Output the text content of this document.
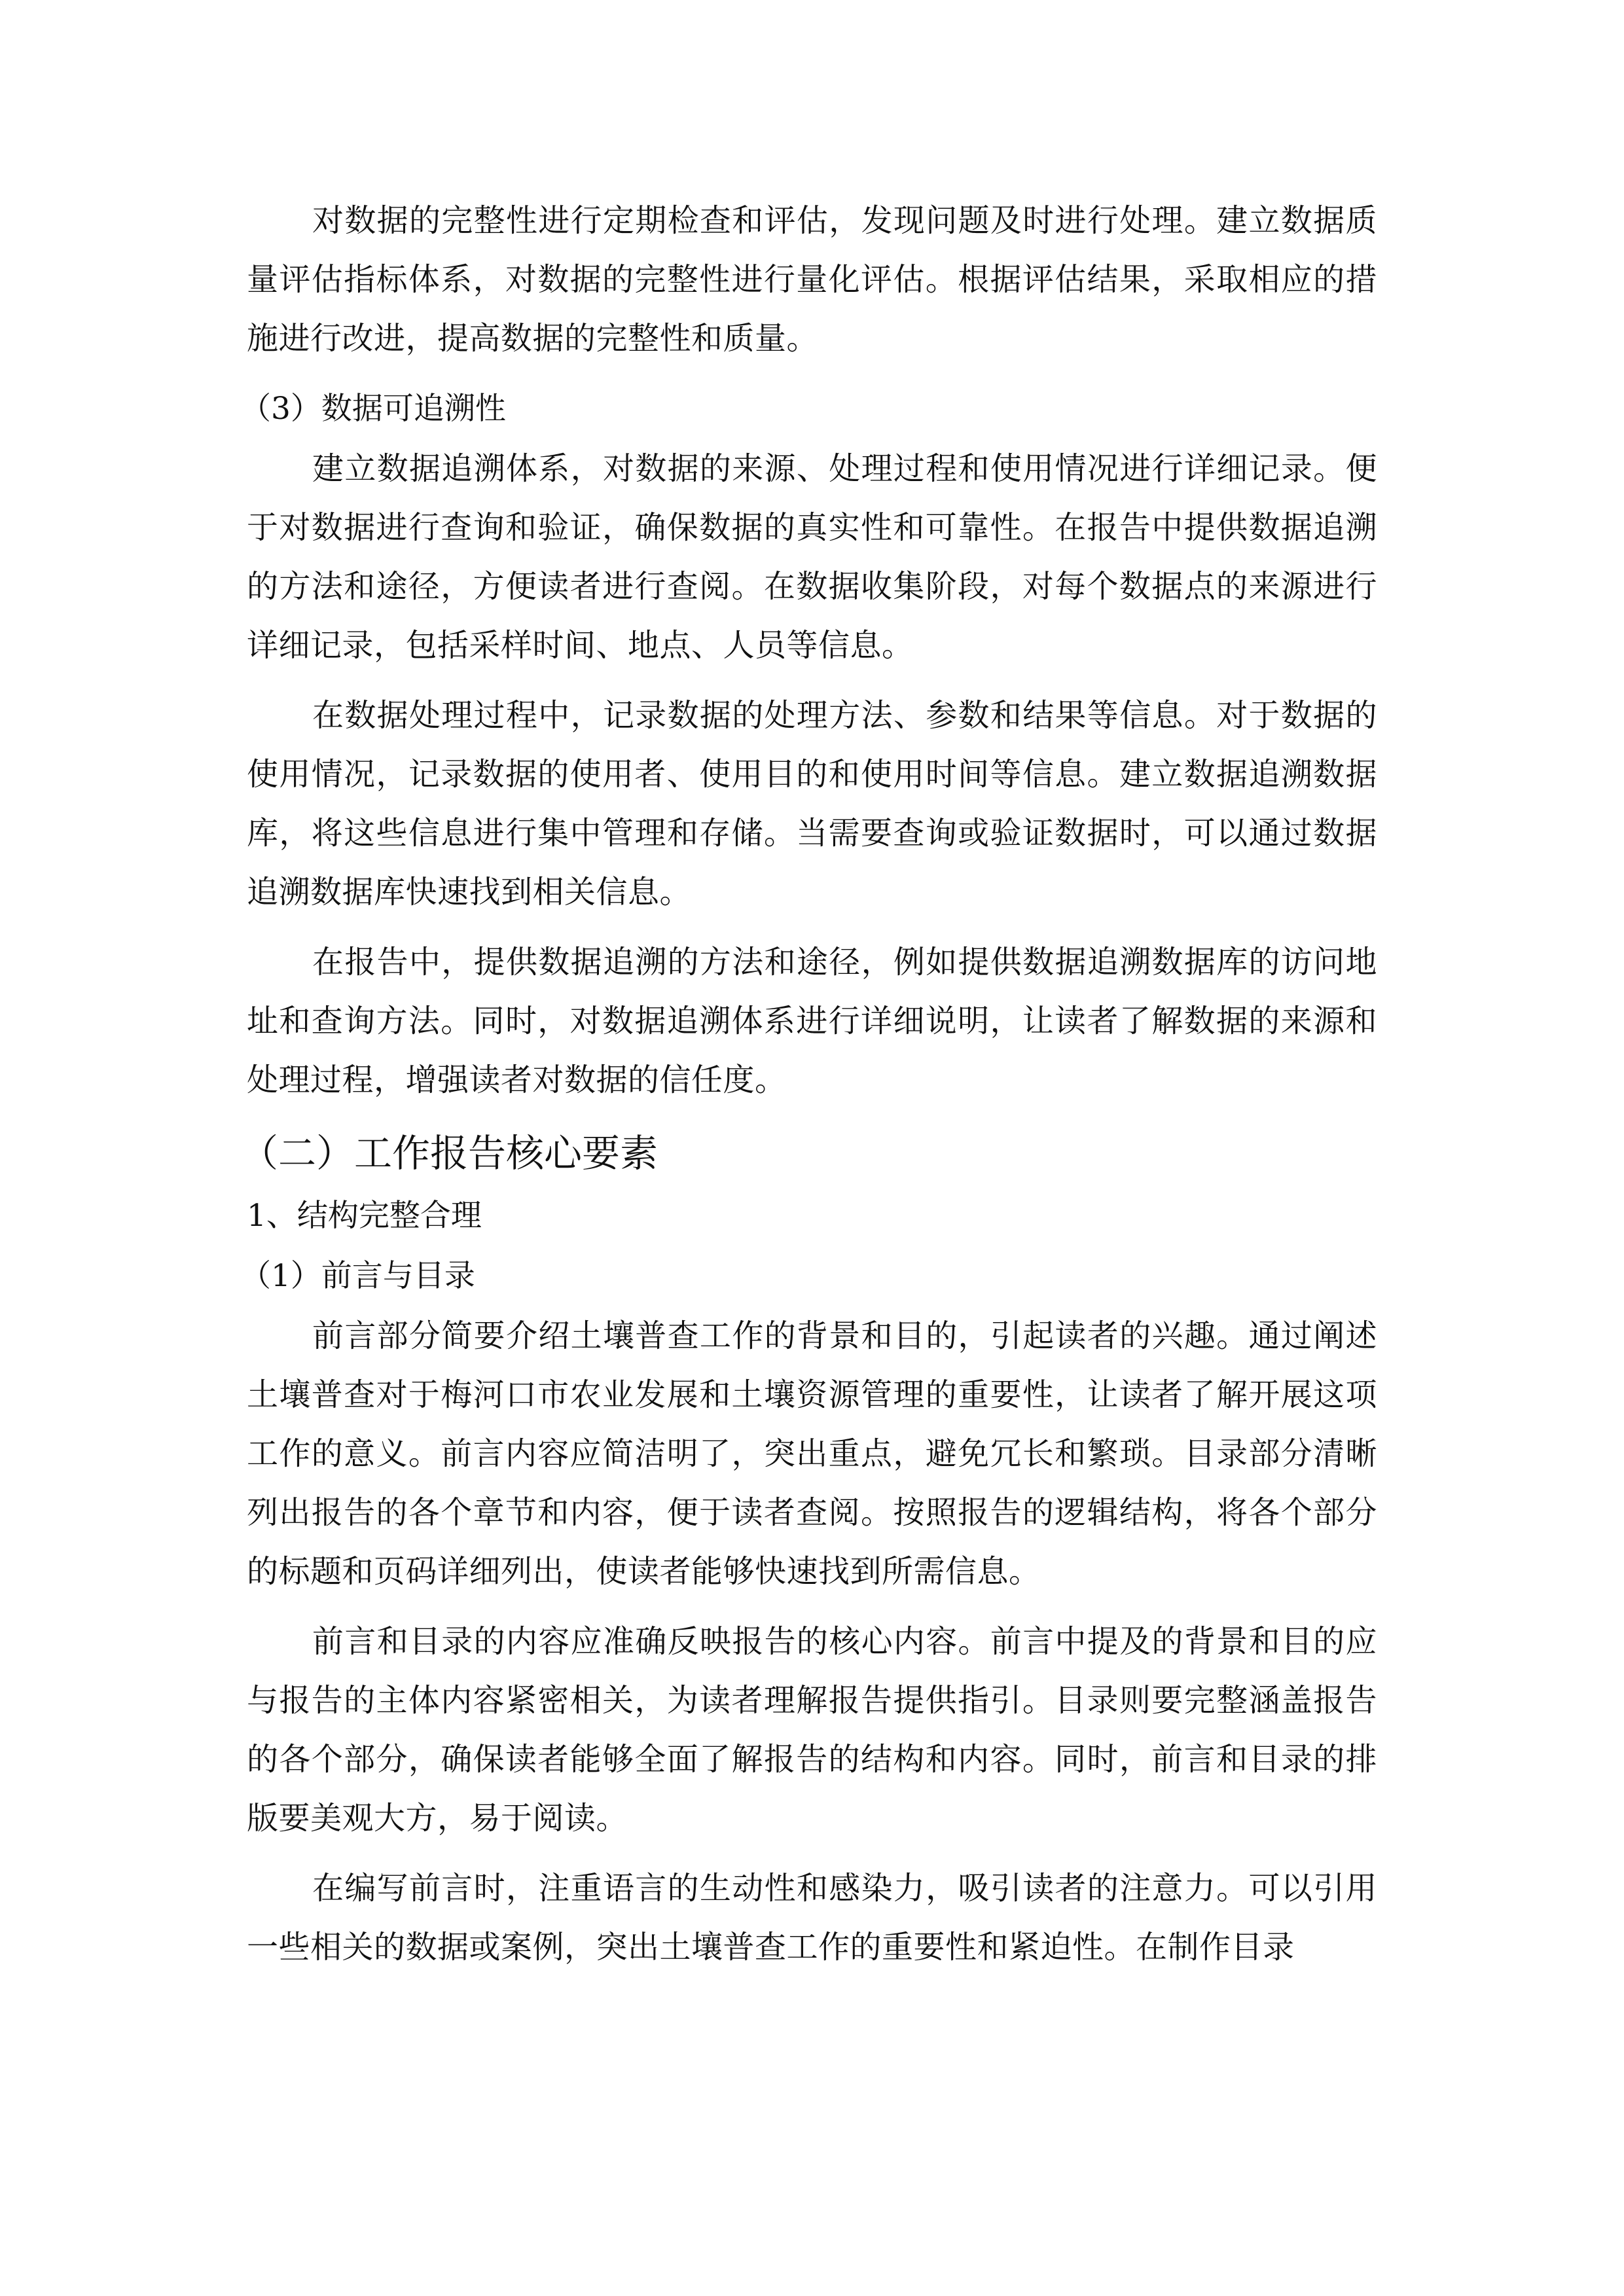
对数据的完整性进行定期检查和评估，发现问题及时进行处理。建立数据质量评估指标体系，对数据的完整性进行量化评估。根据评估结果，采取相应的措施进行改进，提高数据的完整性和质量。

（3）数据可追溯性

建立数据追溯体系，对数据的来源、处理过程和使用情况进行详细记录。便于对数据进行查询和验证，确保数据的真实性和可靠性。在报告中提供数据追溯的方法和途径，方便读者进行查阅。在数据收集阶段，对每个数据点的来源进行详细记录，包括采样时间、地点、人员等信息。

在数据处理过程中，记录数据的处理方法、参数和结果等信息。对于数据的使用情况，记录数据的使用者、使用目的和使用时间等信息。建立数据追溯数据库，将这些信息进行集中管理和存储。当需要查询或验证数据时，可以通过数据追溯数据库快速找到相关信息。

在报告中，提供数据追溯的方法和途径，例如提供数据追溯数据库的访问地址和查询方法。同时，对数据追溯体系进行详细说明，让读者了解数据的来源和处理过程，增强读者对数据的信任度。

（二）工作报告核心要素

1、结构完整合理

（1）前言与目录

前言部分简要介绍土壤普查工作的背景和目的，引起读者的兴趣。通过阐述土壤普查对于梅河口市农业发展和土壤资源管理的重要性，让读者了解开展这项工作的意义。前言内容应简洁明了，突出重点，避免冗长和繁琐。目录部分清晰列出报告的各个章节和内容，便于读者查阅。按照报告的逻辑结构，将各个部分的标题和页码详细列出，使读者能够快速找到所需信息。

前言和目录的内容应准确反映报告的核心内容。前言中提及的背景和目的应与报告的主体内容紧密相关，为读者理解报告提供指引。目录则要完整涵盖报告的各个部分，确保读者能够全面了解报告的结构和内容。同时，前言和目录的排版要美观大方，易于阅读。

在编写前言时，注重语言的生动性和感染力，吸引读者的注意力。可以引用一些相关的数据或案例，突出土壤普查工作的重要性和紧迫性。在制作目录
